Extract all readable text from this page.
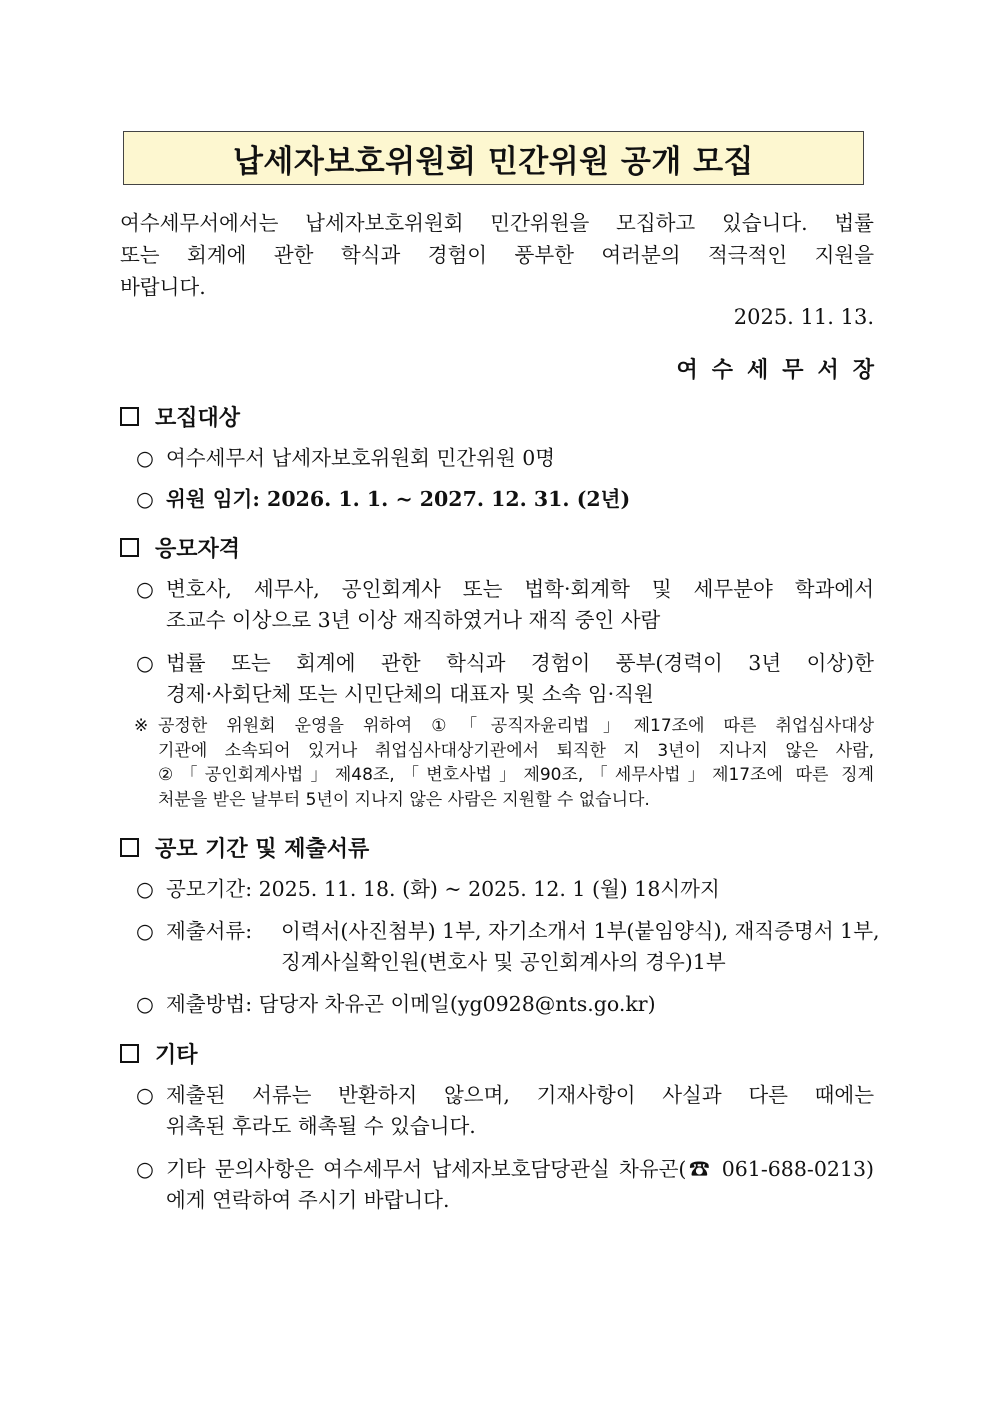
납세자보호위원회 민간위원 공개 모집
여수세무서에서는 납세자보호위원회 민간위원을 모집하고 있습니다. 법률
또는 회계에 관한 학식과 경험이 풍부한 여러분의 적극적인 지원을
바랍니다.
2025. 11. 13.
여수세무서장
모집대상
○ 여수세무서 납세자보호위원회 민간위원 0명
○ 위원 임기: 2026. 1. 1. ~ 2027. 12. 31. (2년)
응모자격
○ 변호사, 세무사, 공인회계사 또는 법학·회계학 및 세무분야 학과에서
조교수 이상으로 3년 이상 재직하였거나 재직 중인 사람
○ 법률 또는 회계에 관한 학식과 경험이 풍부(경력이 3년 이상)한
경제·사회단체 또는 시민단체의 대표자 및 소속 임·직원
※ 공정한 위원회 운영을 위하여 ①「공직자윤리법」제17조에 따른 취업심사대상
기관에 소속되어 있거나 취업심사대상기관에서 퇴직한 지 3년이 지나지 않은 사람,
②「공인회계사법」제48조,「변호사법」제90조,「세무사법」제17조에 따른 징계
처분을 받은 날부터 5년이 지나지 않은 사람은 지원할 수 없습니다.
공모 기간 및 제출서류
○ 공모기간: 2025. 11. 18. (화) ~ 2025. 12. 1 (월) 18시까지
○ 제출서류: 이력서(사진첨부) 1부, 자기소개서 1부(붙임양식), 재직증명서 1부,
징계사실확인원(변호사 및 공인회계사의 경우)1부
○ 제출방법: 담당자 차유곤 이메일(yg0928@nts.go.kr)
기타
○ 제출된 서류는 반환하지 않으며, 기재사항이 사실과 다른 때에는
위촉된 후라도 해촉될 수 있습니다.
○ 기타 문의사항은 여수세무서 납세자보호담당관실 차유곤(☎ 061-688-0213)
에게 연락하여 주시기 바랍니다.
